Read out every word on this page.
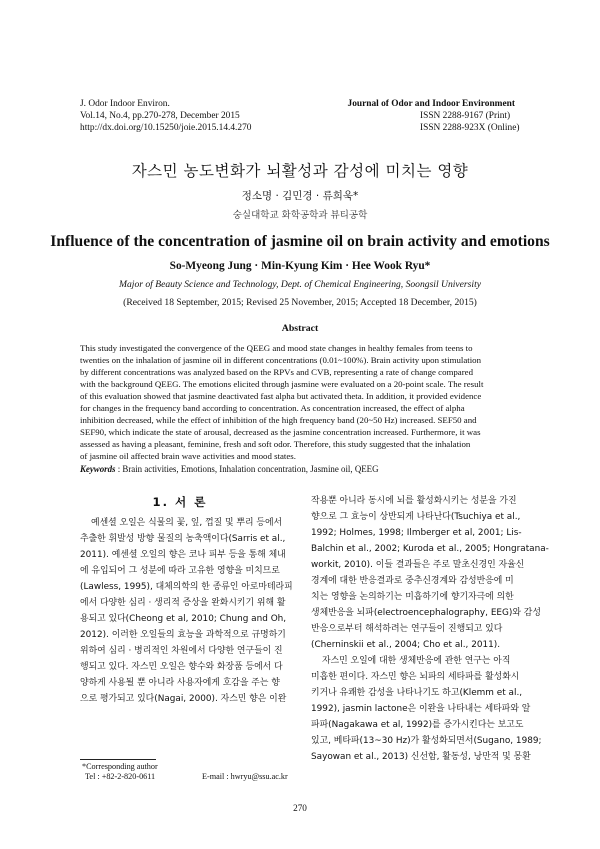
J. Odor Indoor Environ.
Vol.14, No.4, pp.270-278, December 2015
http://dx.doi.org/10.15250/joie.2015.14.4.270
Journal of Odor and Indoor Environment
ISSN 2288-9167 (Print)
ISSN 2288-923X (Online)
자스민 농도변화가 뇌활성과 감성에 미치는 영향
정소명 · 김민경 · 류희욱*
숭실대학교 화학공학과 뷰티공학
Influence of the concentration of jasmine oil on brain activity and emotions
So-Myeong Jung · Min-Kyung Kim · Hee Wook Ryu*
Major of Beauty Science and Technology, Dept. of Chemical Engineering, Soongsil University
(Received 18 September, 2015; Revised 25 November, 2015; Accepted 18 December, 2015)
Abstract
This study investigated the convergence of the QEEG and mood state changes in healthy females from teens to
twenties on the inhalation of jasmine oil in different concentrations (0.01~100%). Brain activity upon stimulation
by different concentrations was analyzed based on the RPVs and CVB, representing a rate of change compared
with the background QEEG. The emotions elicited through jasmine were evaluated on a 20-point scale. The result
of this evaluation showed that jasmine deactivated fast alpha but activated theta. In addition, it provided evidence
for changes in the frequency band according to concentration. As concentration increased, the effect of alpha
inhibition decreased, while the effect of inhibition of the high frequency band (20~50 Hz) increased. SEF50 and
SEF90, which indicate the state of arousal, decreased as the jasmine concentration increased. Furthermore, it was
assessed as having a pleasant, feminine, fresh and soft odor. Therefore, this study suggested that the inhalation
of jasmine oil affected brain wave activities and mood states.
Keywords : Brain activities, Emotions, Inhalation concentration, Jasmine oil, QEEG
1. 서 론
예센셜 오일은 식물의 꽃, 잎, 껍질 및 뿌리 등에서
추출한 휘발성 방향 물질의 농축액이다(Sarris et al.,
2011). 예센셜 오일의 향은 코나 피부 등을 통해 체내
에 유입되어 그 성분에 따라 고유한 영향을 미치므로
(Lawless, 1995), 대체의학의 한 종류인 아로마테라피
에서 다양한 심리 · 생리적 증상을 완화시키기 위해 활
용되고 있다(Cheong et al, 2010; Chung and Oh,
2012). 이러한 오일들의 효능을 과학적으로 규명하기
위하여 심리 · 병리적인 차원에서 다양한 연구들이 진
행되고 있다. 자스민 오일은 향수와 화장품 등에서 다
양하게 사용될 뿐 아니라 사용자에게 호감을 주는 향
으로 평가되고 있다(Nagai, 2000). 자스민 향은 이완
작용뿐 아니라 동시에 뇌를 활성화시키는 성분을 가진
향으로 그 효능이 상반되게 나타난다(Tsuchiya et al.,
1992; Holmes, 1998; Ilmberger et al, 2001; Lis-
Balchin et al., 2002; Kuroda et al., 2005; Hongratana-
workit, 2010). 이들 결과들은 주로 말초신경인 자율신
경계에 대한 반응결과로 중추신경계와 감성반응에 미
치는 영향을 논의하기는 미흡하기에 향기자극에 의한
생체반응을 뇌파(electroencephalography, EEG)와 감성
반응으로부터 해석하려는 연구들이 진행되고 있다
(Cherninskii et al., 2004; Cho et al., 2011).
자스민 오일에 대한 생체반응에 관한 연구는 아직
미흡한 편이다. 자스민 향은 뇌파의 세타파를 활성화시
키거나 유쾌한 감성을 나타나기도 하고(Klemm et al.,
1992), jasmin lactone은 이완을 나타내는 세타파와 알
파파(Nagakawa et al, 1992)를 증가시킨다는 보고도
있고, 베타파(13~30 Hz)가 활성화되면서(Sugano, 1989;
Sayowan et al., 2013) 신선함, 활동성, 낭만적 및 몽환
*Corresponding author
Tel : +82-2-820-0611	E-mail : hwryu@ssu.ac.kr
270
